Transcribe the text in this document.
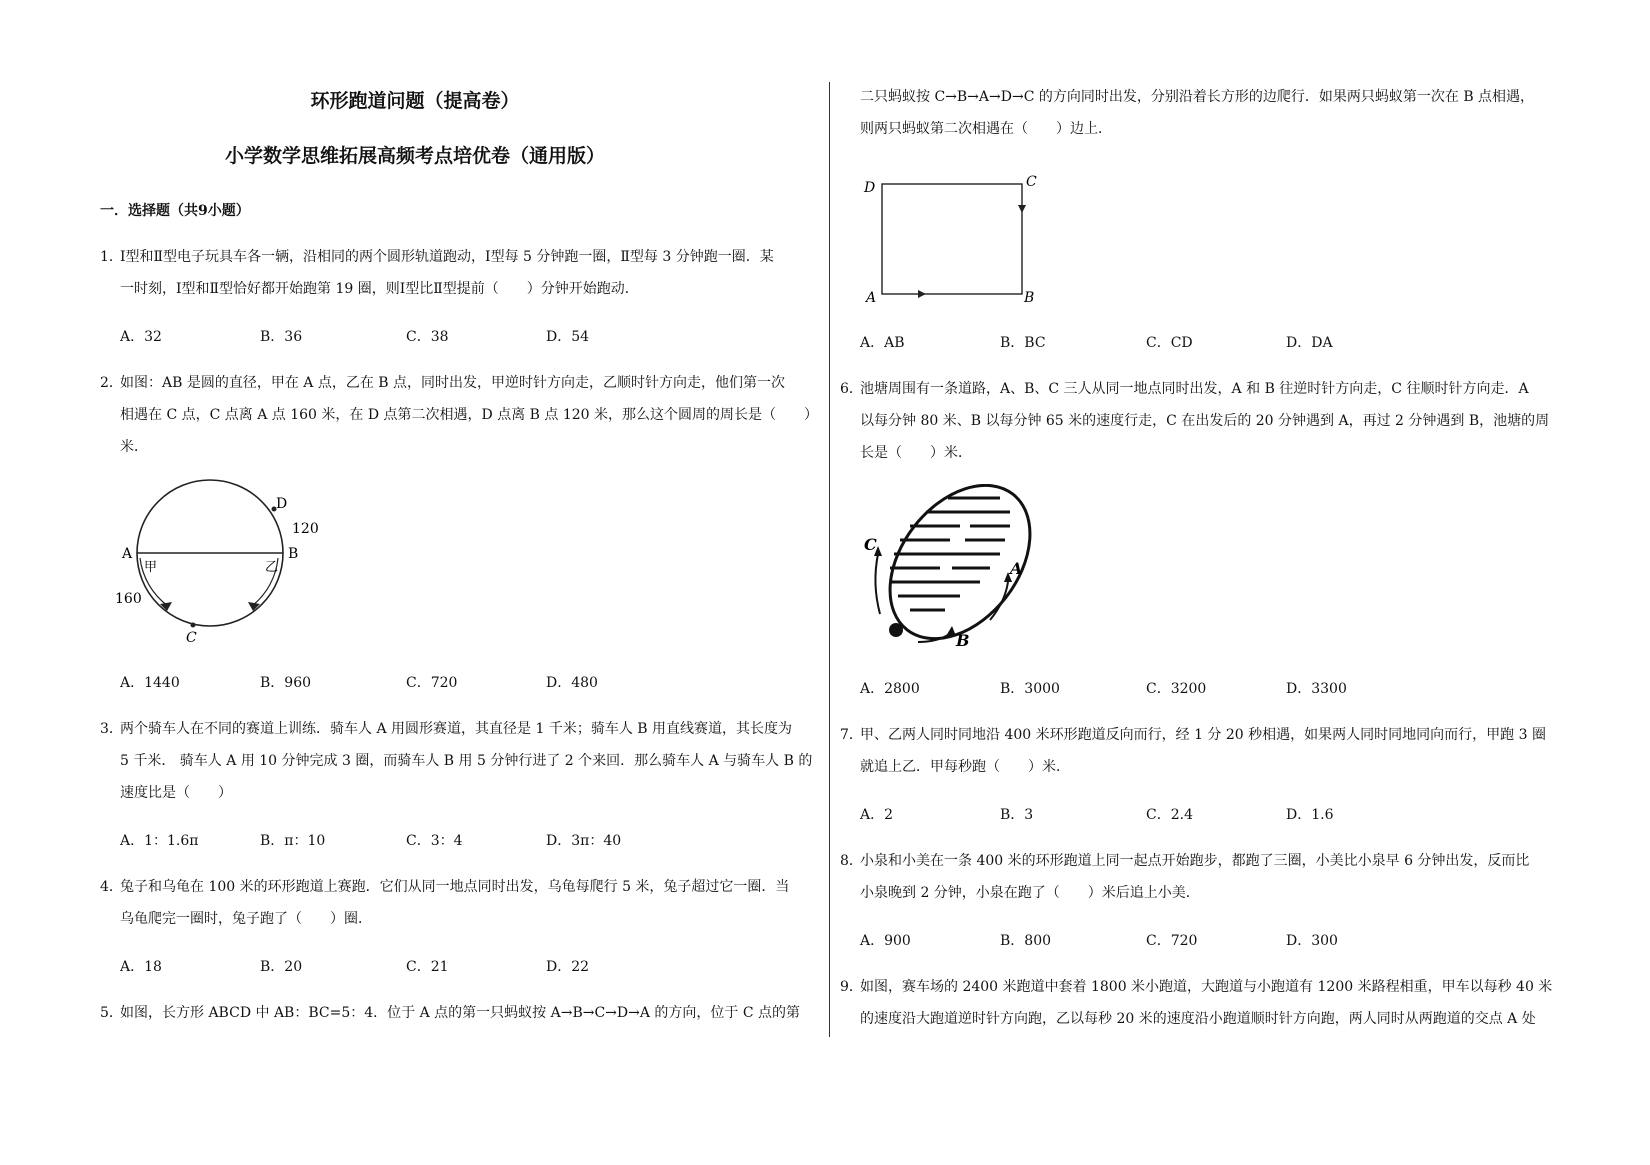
环形跑道问题（提高卷）
小学数学思维拓展高频考点培优卷（通用版）
一．选择题（共9小题）
1．
Ⅰ型和Ⅱ型电子玩具车各一辆，沿相同的两个圆形轨道跑动，Ⅰ型每 5 分钟跑一圈，Ⅱ型每 3 分钟跑一圈．某
一时刻，Ⅰ型和Ⅱ型恰好都开始跑第 19 圈，则Ⅰ型比Ⅱ型提前（　　）分钟开始跑动．
A．32	B．36	C．38	D．54
2．
如图：AB 是圆的直径，甲在 A 点，乙在 B 点，同时出发，甲逆时针方向走，乙顺时针方向走，他们第一次
相遇在 C 点，C 点离 A 点 160 米，在 D 点第二次相遇，D 点离 B 点 120 米，那么这个圆周的周长是（　　）
米．
A	B
D
C
160
120
甲	乙
A．1440	B．960	C．720	D．480
3．
两个骑车人在不同的赛道上训练．骑车人 A 用圆形赛道，其直径是 1 千米；骑车人 B 用直线赛道，其长度为
5 千米． 骑车人 A 用 10 分钟完成 3 圈，而骑车人 B 用 5 分钟行进了 2 个来回．那么骑车人 A 与骑车人 B 的
速度比是（　　）
A．1：1.6π	B．π：10	C．3：4	D．3π：40
4．
兔子和乌龟在 100 米的环形跑道上赛跑．它们从同一地点同时出发，乌龟每爬行 5 米，兔子超过它一圈．当
乌龟爬完一圈时，兔子跑了（　　）圈．
A．18	B．20	C．21	D．22
5．
如图，长方形 ABCD 中 AB：BC=5：4．位于 A 点的第一只蚂蚁按 A→B→C→D→A 的方向，位于 C 点的第
二只蚂蚁按 C→B→A→D→C 的方向同时出发，分别沿着长方形的边爬行．如果两只蚂蚁第一次在 B 点相遇，
则两只蚂蚁第二次相遇在（　　）边上．
D	C
A	B
A．AB	B．BC	C．CD	D．DA
6．
池塘周围有一条道路，A、B、C 三人从同一地点同时出发，A 和 B 往逆时针方向走，C 往顺时针方向走．A
以每分钟 80 米、B 以每分钟 65 米的速度行走，C 在出发后的 20 分钟遇到 A，再过 2 分钟遇到 B，池塘的周
长是（　　）米．
C
B
A
A．2800	B．3000	C．3200	D．3300
7．
甲、乙两人同时同地沿 400 米环形跑道反向而行，经 1 分 20 秒相遇，如果两人同时同地同向而行，甲跑 3 圈
就追上乙．甲每秒跑（　　）米．
A．2	B．3	C．2.4	D．1.6
8．
小泉和小美在一条 400 米的环形跑道上同一起点开始跑步，都跑了三圈，小美比小泉早 6 分钟出发，反而比
小泉晚到 2 分钟，小泉在跑了（　　）米后追上小美．
A．900	B．800	C．720	D．300
9．
如图，赛车场的 2400 米跑道中套着 1800 米小跑道，大跑道与小跑道有 1200 米路程相重，甲车以每秒 40 米
的速度沿大跑道逆时针方向跑，乙以每秒 20 米的速度沿小跑道顺时针方向跑，两人同时从两跑道的交点 A 处
